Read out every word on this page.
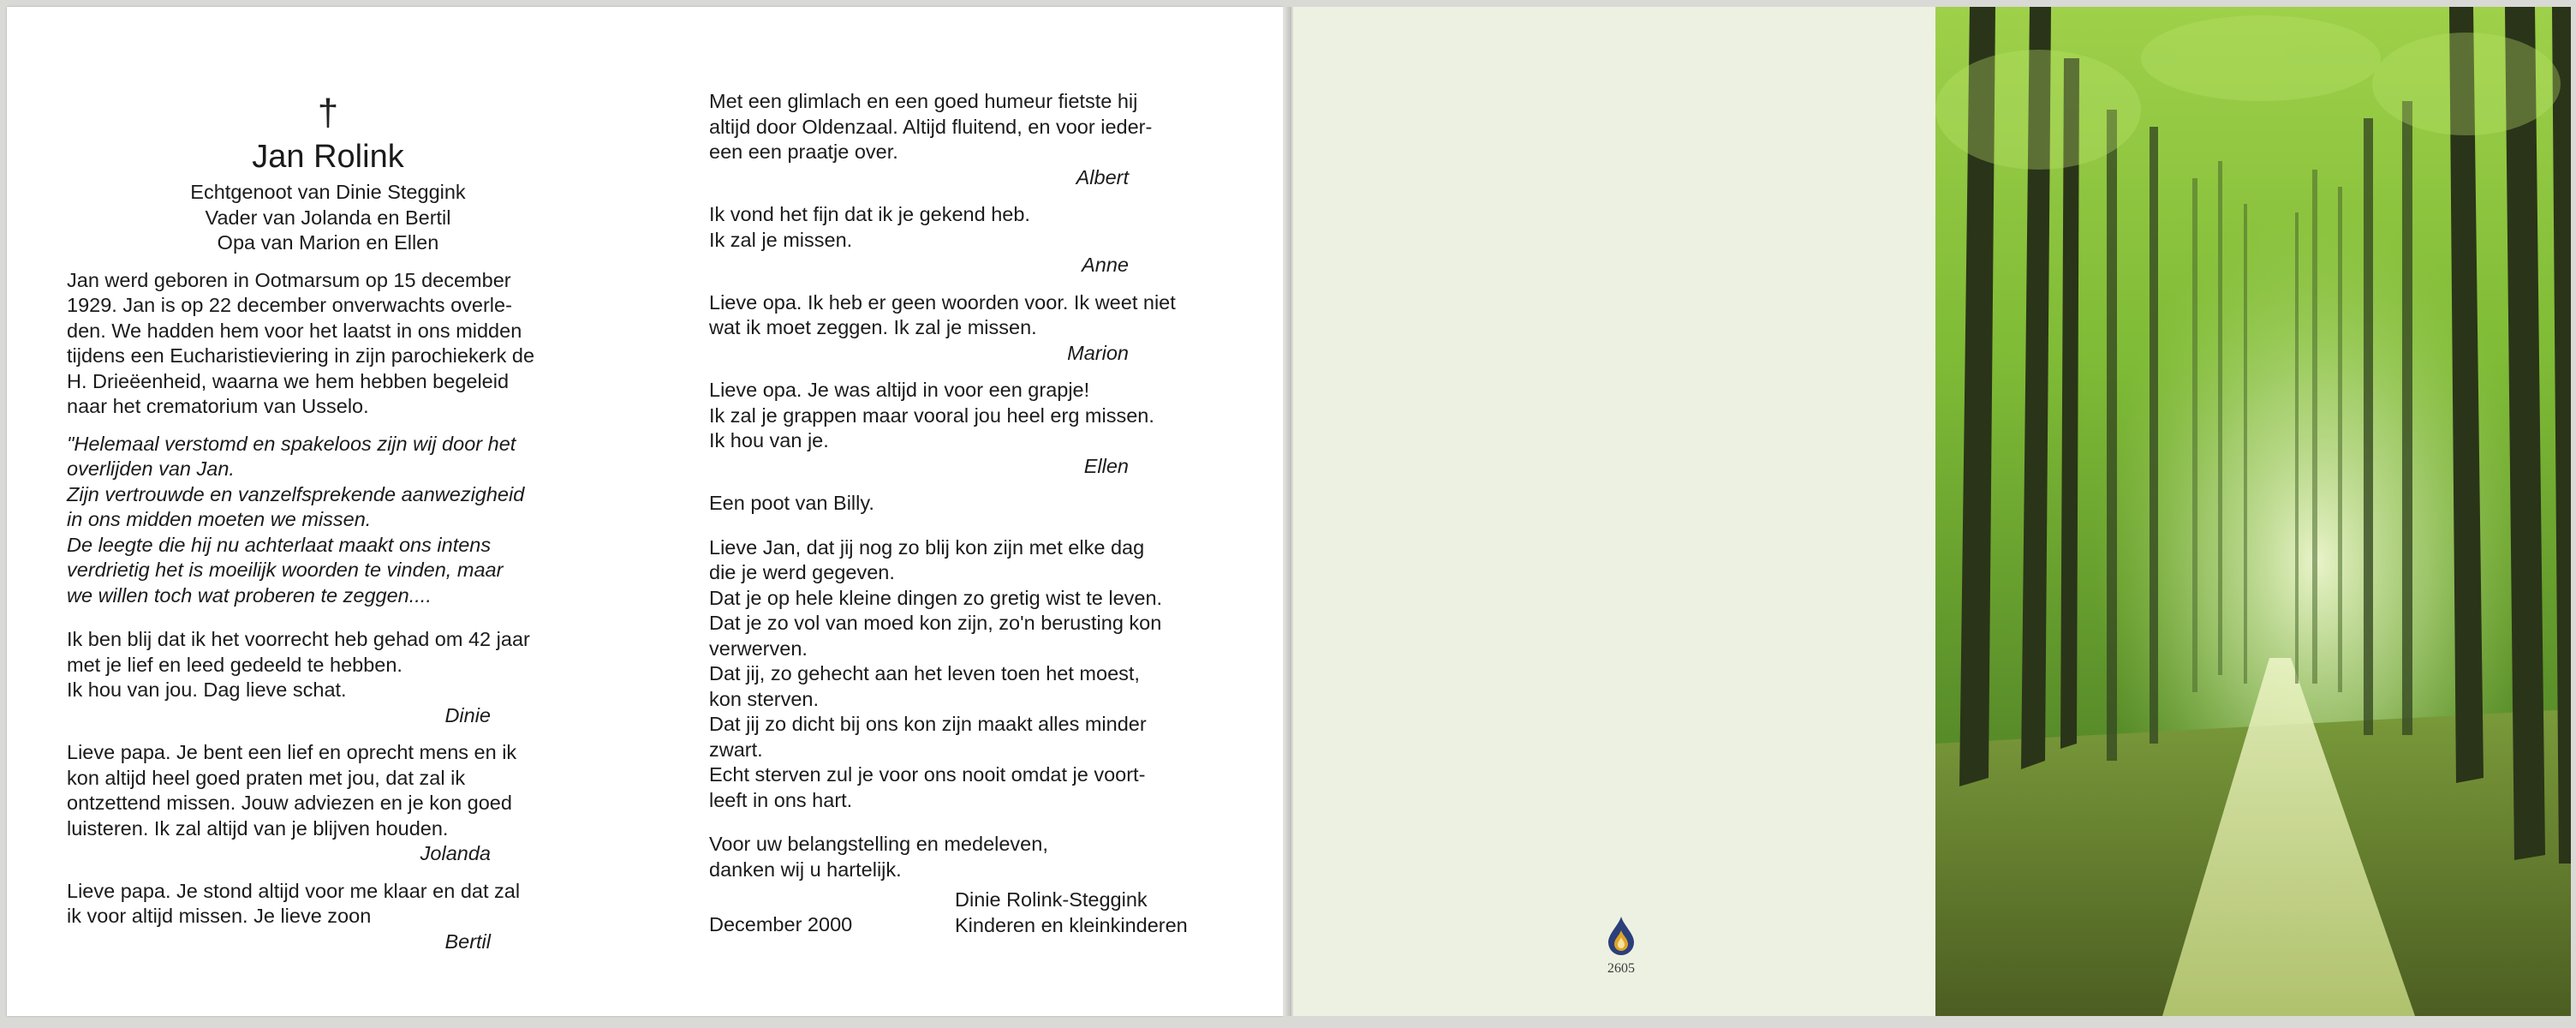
†
Jan Rolink
Echtgenoot van Dinie Steggink
Vader van Jolanda en Bertil
Opa van Marion en Ellen

Jan werd geboren in Ootmarsum op 15 december

1929. Jan is op 22 december onverwachts overle-

den. We hadden hem voor het laatst in ons midden

tijdens een Eucharistieviering in zijn parochiekerk de

H. Drieëenheid, waarna we hem hebben begeleid

naar het crematorium van Usselo.

"Helemaal verstomd en spakeloos zijn wij door het

overlijden van Jan.

Zijn vertrouwde en vanzelfsprekende aanwezigheid

in ons midden moeten we missen.

De leegte die hij nu achterlaat maakt ons intens

verdrietig het is moeilijk woorden te vinden, maar

we willen toch wat proberen te zeggen....

Ik ben blij dat ik het voorrecht heb gehad om 42 jaar

met je lief en leed gedeeld te hebben.

Ik hou van jou. Dag lieve schat.

Dinie

Lieve papa. Je bent een lief en oprecht mens en ik

kon altijd heel goed praten met jou, dat zal ik

ontzettend missen. Jouw adviezen en je kon goed

luisteren. Ik zal altijd van je blijven houden.

Jolanda

Lieve papa. Je stond altijd voor me klaar en dat zal

ik voor altijd missen. Je lieve zoon

Bertil

Met een glimlach en een goed humeur fietste hij

altijd door Oldenzaal. Altijd fluitend, en voor ieder-

een een praatje over.

Albert

Ik vond het fijn dat ik je gekend heb.

Ik zal je missen.

Anne

Lieve opa. Ik heb er geen woorden voor. Ik weet niet

wat ik moet zeggen. Ik zal je missen.

Marion

Lieve opa. Je was altijd in voor een grapje!

Ik zal je grappen maar vooral jou heel erg missen.

Ik hou van je.

Ellen

Een poot van Billy.

Lieve Jan, dat jij nog zo blij kon zijn met elke dag

die je werd gegeven.

Dat je op hele kleine dingen zo gretig wist te leven.

Dat je zo vol van moed kon zijn, zo'n berusting kon

verwerven.

Dat jij, zo gehecht aan het leven toen het moest,

kon sterven.

Dat jij zo dicht bij ons kon zijn maakt alles minder

zwart.

Echt sterven zul je voor ons nooit omdat je voort-

leeft in ons hart.

Voor uw belangstelling en medeleven,

danken wij u hartelijk.

Dinie Rolink-Steggink
Kinderen en kleinkinderen
December 2000
2605
